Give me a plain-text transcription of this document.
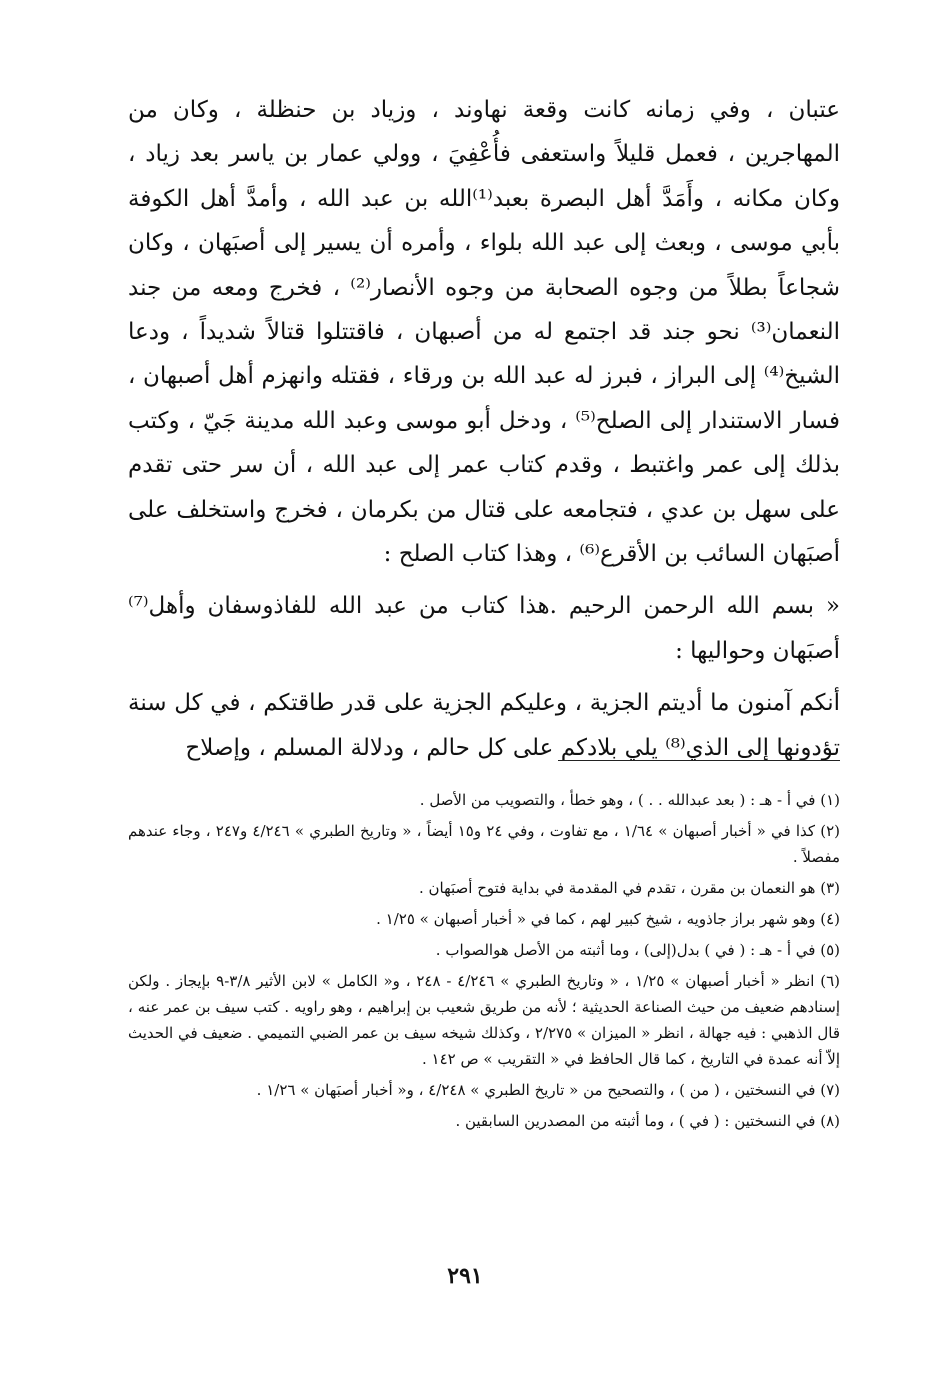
عتبان ، وفي زمانه كانت وقعة نهاوند ، وزياد بن حنظلة ، وكان من المهاجرين ، فعمل قليلاً واستعفى فأُعْفِيَ ، وولي عمار بن ياسر بعد زياد ، وكان مكانه ، وأَمَدَّ أهل البصرة بعبد⁽¹⁾الله بن عبد الله ، وأمدَّ أهل الكوفة بأبي موسى ، وبعث إلى عبد الله بلواء ، وأمره أن يسير إلى أصبَهان ، وكان شجاعاً بطلاً من وجوه الصحابة من وجوه الأنصار⁽²⁾ ، فخرج ومعه من جند النعمان⁽³⁾ نحو جند قد اجتمع له من أصبهان ، فاقتتلوا قتالاً شديداً ، ودعا الشيخ⁽⁴⁾ إلى البراز ، فبرز له عبد الله بن ورقاء ، فقتله وانهزم أهل أصبهان ، فسار الاستندار إلى الصلح⁽⁵⁾ ، ودخل أبو موسى وعبد الله مدينة جَيّ ، وكتب بذلك إلى عمر واغتبط ، وقدم كتاب عمر إلى عبد الله ، أن سر حتى تقدم على سهل بن عدي ، فتجامعه على قتال من بكرمان ، فخرج واستخلف على أصبَهان السائب بن الأقرع⁽⁶⁾ ، وهذا كتاب الصلح :

« بسم الله الرحمن الرحيم .هذا كتاب من عبد الله للفاذوسفان وأهل⁽⁷⁾ أصبَهان وحواليها :

أنكم آمنون ما أديتم الجزية ، وعليكم الجزية على قدر طاقتكم ، في كل سنة تؤدونها إلى الذي⁽⁸⁾ يلي بلادكم على كل حالم ، ودلالة المسلم ، وإصلاح

(١) في أ - هـ : ( بعد عبدالله . . ) ، وهو خطأ ، والتصويب من الأصل .

(٢) كذا في « أخبار أصبهان » ١/٦٤ ، مع تفاوت ، وفي ٢٤ و١٥ أيضاً ، « وتاريخ الطبري » ٤/٢٤٦ و٢٤٧ ، وجاء عندهم مفصلاً .

(٣) هو النعمان بن مقرن ، تقدم في المقدمة في بداية فتوح أصبَهان .

(٤) وهو شهر براز جاذويه ، شيخ كبير لهم ، كما في « أخبار أصبهان » ١/٢٥ .

(٥) في أ - هـ : ( في ) بدل(إلى) ، وما أثبته من الأصل هوالصواب .

(٦) انظر « أخبار أصبهان » ١/٢٥ ، « وتاريخ الطبري » ٤/٢٤٦ - ٢٤٨ ، و« الكامل » لابن الأثير ٣/٨-٩ بإيجاز . ولكن إسنادهم ضعيف من حيث الصناعة الحديثية ؛ لأنه من طريق شعيب بن إبراهيم ، وهو راويه . كتب سيف بن عمر عنه ، قال الذهبي : فيه جهالة ، انظر « الميزان » ٢/٢٧٥ ، وكذلك شيخه سيف بن عمر الضبي التميمي . ضعيف في الحديث إلاّ أنه عمدة في التاريخ ، كما قال الحافظ في « التقريب » ص ١٤٢ .

(٧) في النسختين ، ( من ) ، والتصحيح من « تاريخ الطبري » ٤/٢٤٨ ، و« أخبار أصبَهان » ١/٢٦ .

(٨) في النسختين : ( في ) ، وما أثبته من المصدرين السابقين .

٢٩١
